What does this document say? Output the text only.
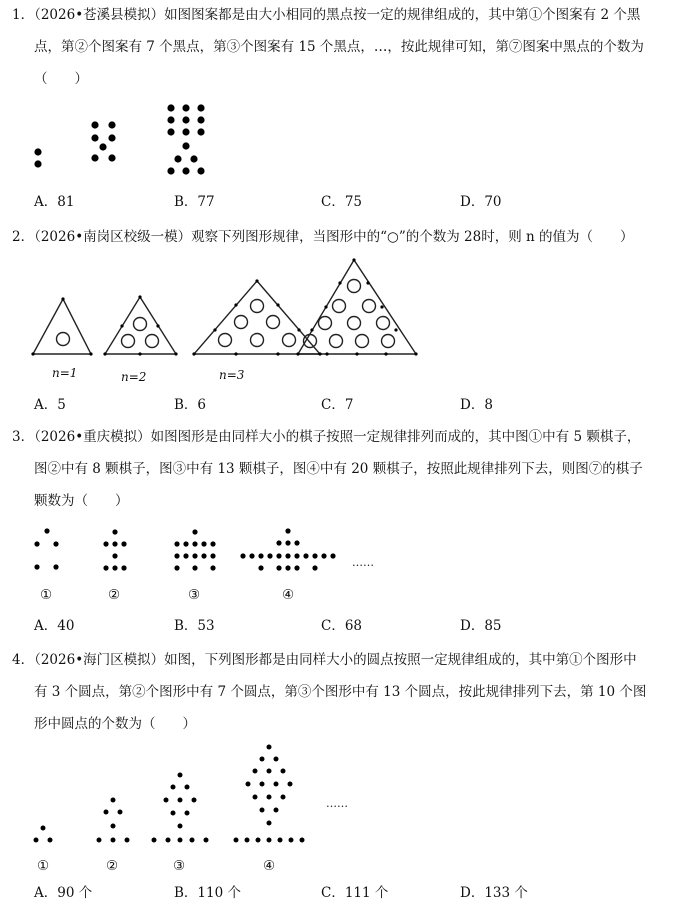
1．（2026•苍溪县模拟）如图图案都是由大小相同的黑点按一定的规律组成的，其中第①个图案有 2 个黑
点，第②个图案有 7 个黑点，第③个图案有 15 个黑点，…，按此规律可知，第⑦图案中黑点的个数为
（　　）
A．81	B．77	C．75	D．70
2．（2026•南岗区校级一模）观察下列图形规律，当图形中的“○”的个数为 28时，则 n 的值为（　　）
n=1	n=2	n=3
A．5	B．6	C．7	D．8
3．（2026•重庆模拟）如图图形是由同样大小的棋子按照一定规律排列而成的，其中图①中有 5 颗棋子，
图②中有 8 颗棋子，图③中有 13 颗棋子，图④中有 20 颗棋子，按照此规律排列下去，则图⑦的棋子
颗数为（　　）
……
①	②	③	④
A．40	B．53	C．68	D．85
4．（2026•海门区模拟）如图，下列图形都是由同样大小的圆点按照一定规律组成的，其中第①个图形中
有 3 个圆点，第②个图形中有 7 个圆点，第③个图形中有 13 个圆点，按此规律排列下去，第 10 个图
形中圆点的个数为（　　）
……
①	②	③	④
A．90 个	B．110 个	C．111 个	D．133 个
